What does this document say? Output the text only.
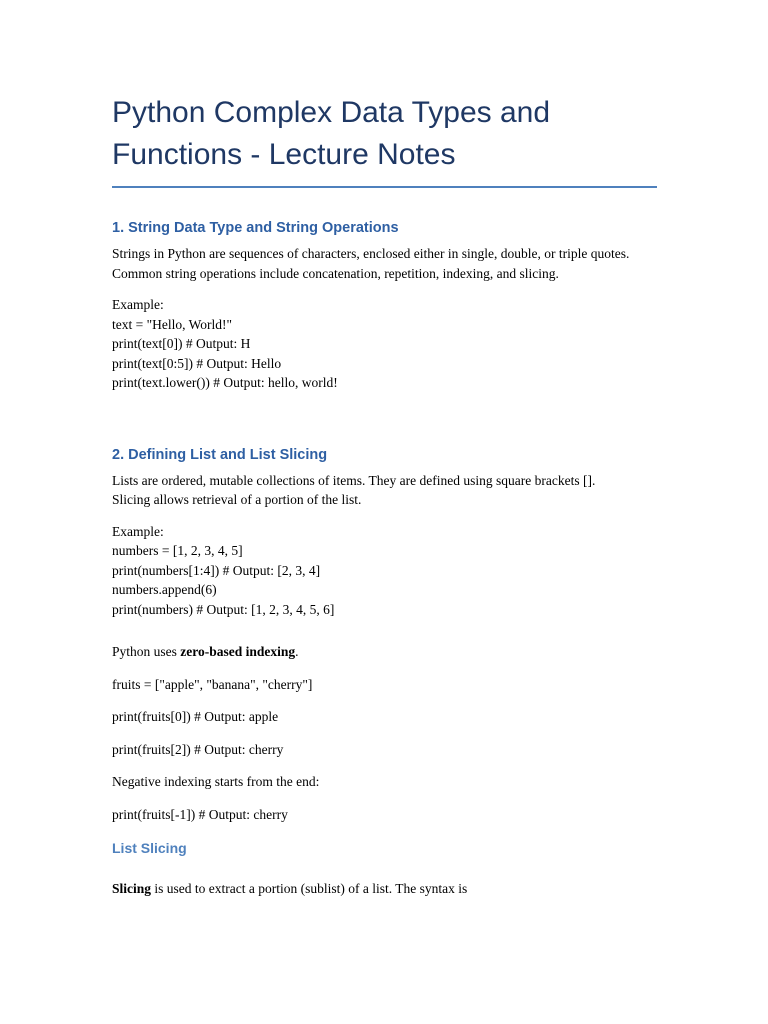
Python Complex Data Types and
Functions - Lecture Notes
1. String Data Type and String Operations

Strings in Python are sequences of characters, enclosed either in single, double, or triple quotes.

Common string operations include concatenation, repetition, indexing, and slicing.

Example:

text = "Hello, World!"

print(text[0]) # Output: H

print(text[0:5]) # Output: Hello

print(text.lower()) # Output: hello, world!

2. Defining List and List Slicing

Lists are ordered, mutable collections of items. They are defined using square brackets [].

Slicing allows retrieval of a portion of the list.

Example:

numbers = [1, 2, 3, 4, 5]

print(numbers[1:4]) # Output: [2, 3, 4]

numbers.append(6)

print(numbers) # Output: [1, 2, 3, 4, 5, 6]

Python uses zero-based indexing.

fruits = ["apple", "banana", "cherry"]

print(fruits[0]) # Output: apple

print(fruits[2]) # Output: cherry

Negative indexing starts from the end:

print(fruits[-1]) # Output: cherry

List Slicing

Slicing is used to extract a portion (sublist) of a list. The syntax is
